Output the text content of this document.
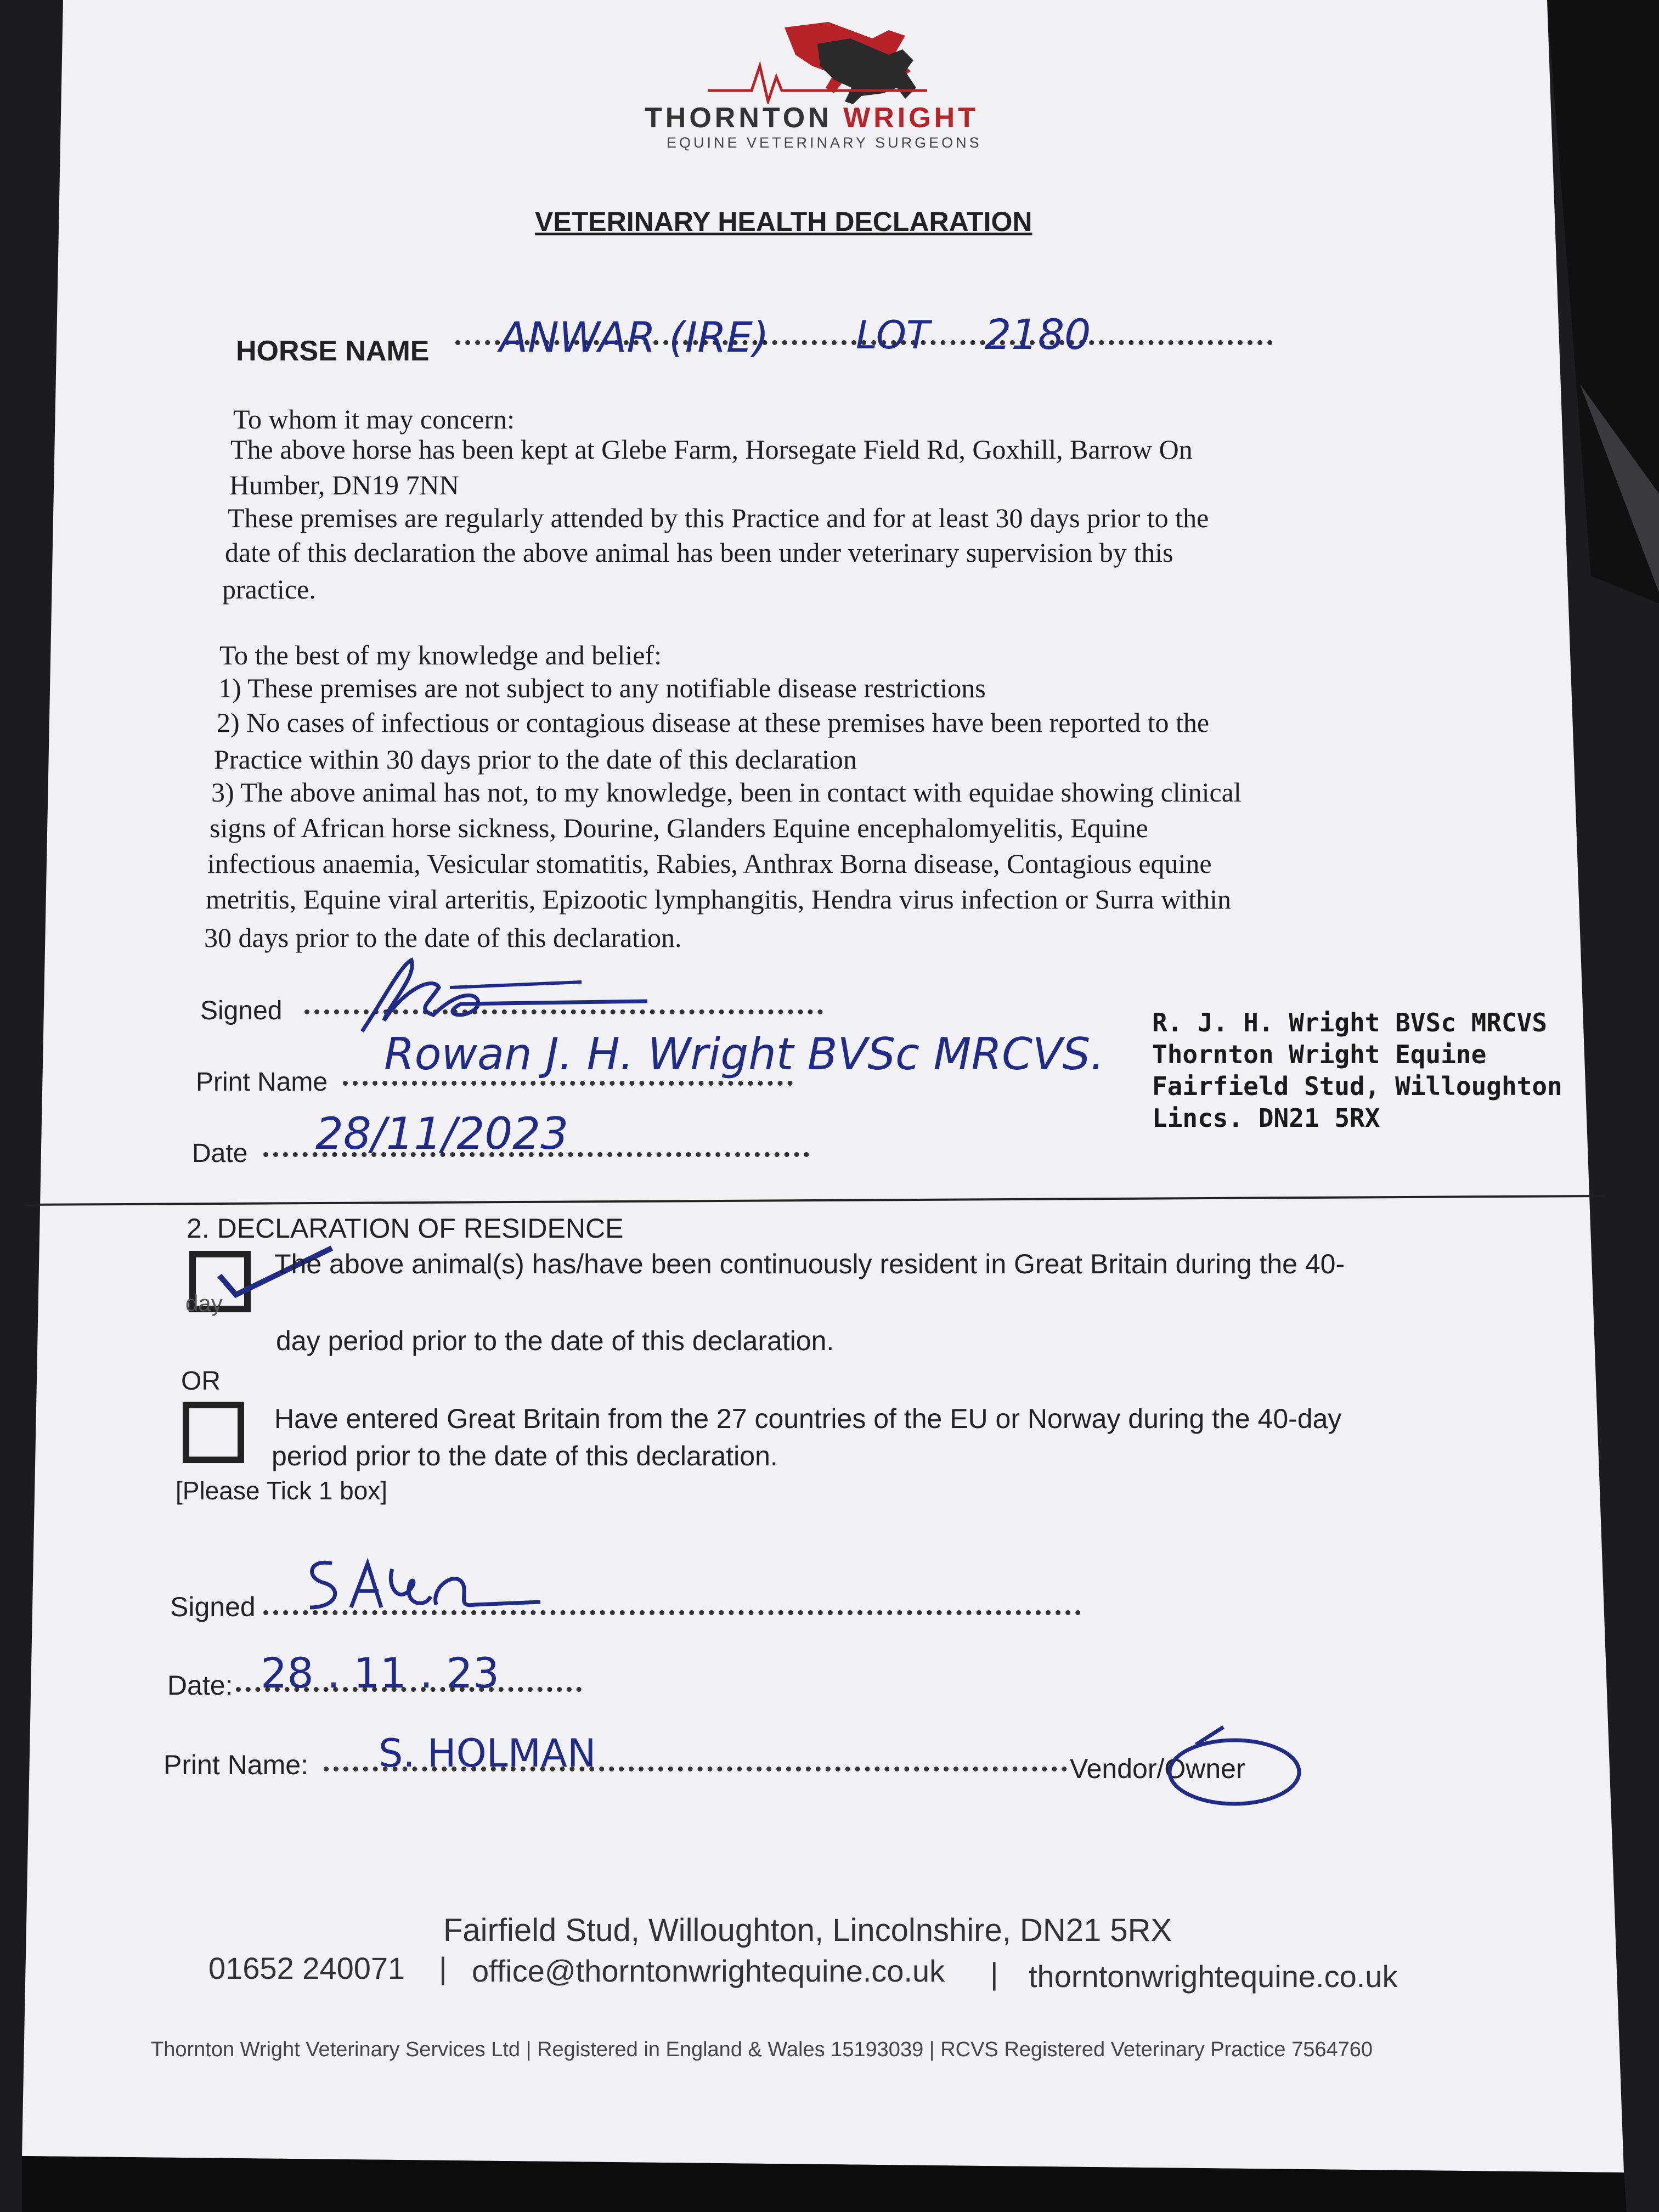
THORNTON WRIGHT
EQUINE VETERINARY SURGEONS
VETERINARY HEALTH DECLARATION
HORSE NAME ANWAR (IRE) LOT 2180
To whom it may concern:
The above horse has been kept at Glebe Farm, Horsegate Field Rd, Goxhill, Barrow On
Humber, DN19 7NN
These premises are regularly attended by this Practice and for at least 30 days prior to the
date of this declaration the above animal has been under veterinary supervision by this
practice.
To the best of my knowledge and belief:
1) These premises are not subject to any notifiable disease restrictions
2) No cases of infectious or contagious disease at these premises have been reported to the
Practice within 30 days prior to the date of this declaration
3) The above animal has not, to my knowledge, been in contact with equidae showing clinical
signs of African horse sickness, Dourine, Glanders Equine encephalomyelitis, Equine
infectious anaemia, Vesicular stomatitis, Rabies, Anthrax Borna disease, Contagious equine
metritis, Equine viral arteritis, Epizootic lymphangitis, Hendra virus infection or Surra within
30 days prior to the date of this declaration.
Signed
Print Name
Rowan J. H. Wright BVSc MRCVS.
Date 28/11/2023
R. J. H. Wright BVSc MRCVS
Thornton Wright Equine
Fairfield Stud, Willoughton
Lincs. DN21 5RX
2. DECLARATION OF RESIDENCE
The above animal(s) has/have been continuously resident in Great Britain during the 40-
day
day period prior to the date of this declaration.
OR
Have entered Great Britain from the 27 countries of the EU or Norway during the 40-day
period prior to the date of this declaration.
[Please Tick 1 box]
Signed
Date: 28 . 11 . 23
Print Name: S. HOLMAN	Vendor/Owner
Fairfield Stud, Willoughton, Lincolnshire, DN21 5RX
01652 240071 | office@thorntonwrightequine.co.uk | thorntonwrightequine.co.uk
Thornton Wright Veterinary Services Ltd | Registered in England & Wales 15193039 | RCVS Registered Veterinary Practice 7564760
